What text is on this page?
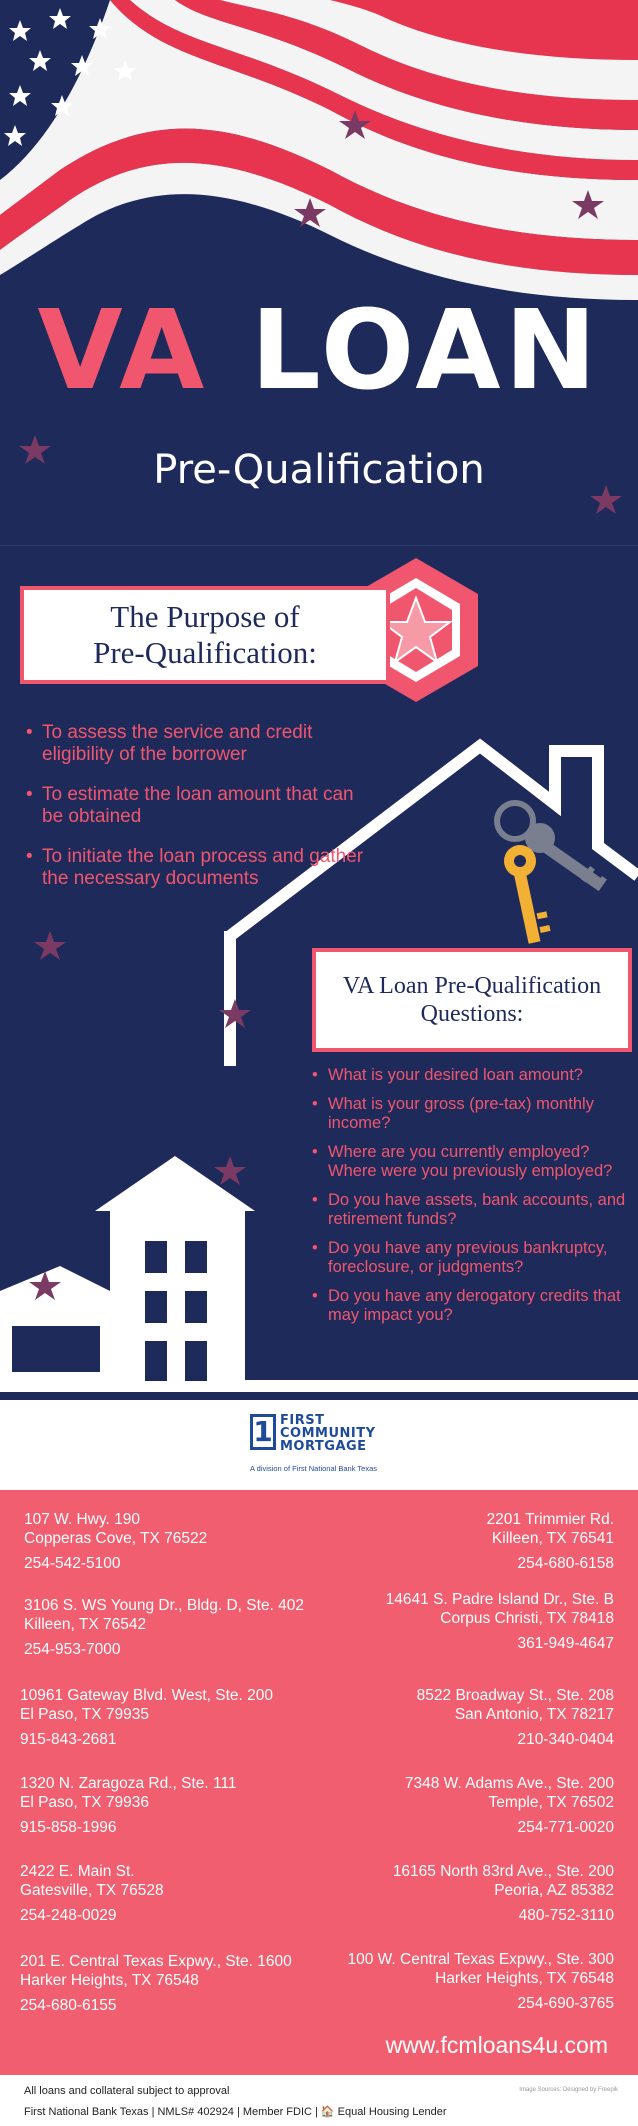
VA LOAN
Pre-Qualification
The Purpose of
Pre-Qualification:
• To assess the service and credit eligibility of the borrower
• To estimate the loan amount that can be obtained
• To initiate the loan process and gather the necessary documents
VA Loan Pre-Qualification
Questions:
• What is your desired loan amount?
• What is your gross (pre-tax) monthly income?
• Where are you currently employed? Where were you previously employed?
• Do you have assets, bank accounts, and retirement funds?
• Do you have any previous bankruptcy, foreclosure, or judgments?
• Do you have any derogatory credits that may impact you?
1 FIRST
COMMUNITY
MORTGAGE
A division of First National Bank Texas
107 W. Hwy. 190
Copperas Cove, TX 76522
254-542-5100
2201 Trimmier Rd.
Killeen, TX 76541
254-680-6158
3106 S. WS Young Dr., Bldg. D, Ste. 402
Killeen, TX 76542
254-953-7000
14641 S. Padre Island Dr., Ste. B
Corpus Christi, TX 78418
361-949-4647
10961 Gateway Blvd. West, Ste. 200
El Paso, TX 79935
915-843-2681
8522 Broadway St., Ste. 208
San Antonio, TX 78217
210-340-0404
1320 N. Zaragoza Rd., Ste. 111
El Paso, TX 79936
915-858-1996
7348 W. Adams Ave., Ste. 200
Temple, TX 76502
254-771-0020
2422 E. Main St.
Gatesville, TX 76528
254-248-0029
16165 North 83rd Ave., Ste. 200
Peoria, AZ 85382
480-752-3110
201 E. Central Texas Expwy., Ste. 1600
Harker Heights, TX 76548
254-680-6155
100 W. Central Texas Expwy., Ste. 300
Harker Heights, TX 76548
254-690-3765
www.fcmloans4u.com
All loans and collateral subject to approval
First National Bank Texas | NMLS# 402924 | Member FDIC | 🏠 Equal Housing Lender
Image Sources: Designed by Freepik
